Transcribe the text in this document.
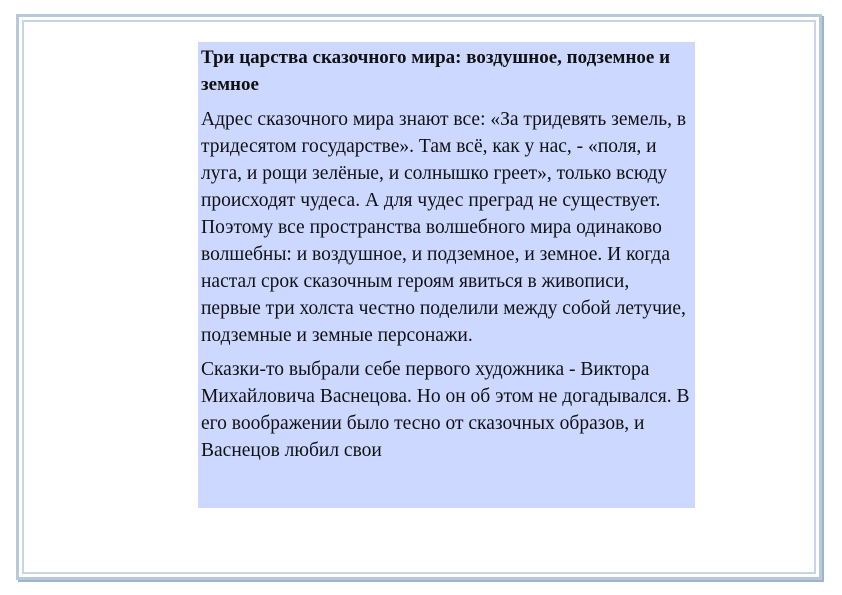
Три царства сказочного мира: воздушное, подземное и земное

Адрес сказочного мира знают все: «За тридевять земель, в тридесятом государстве». Там всё, как у нас, - «поля, и луга, и рощи зелёные, и солнышко греет», только всюду происходят чудеса. А для чудес преград не существует. Поэтому все пространства волшебного мира одинаково волшебны: и воздушное, и подземное, и земное. И когда настал срок сказочным героям явиться в живописи, первые три холста честно поделили между собой летучие, подземные и земные персонажи.

Сказки-то выбрали себе первого художника - Виктора Михайловича Васнецова. Но он об этом не догадывался. В его воображении было тесно от сказочных образов, и Васнецов любил свои
